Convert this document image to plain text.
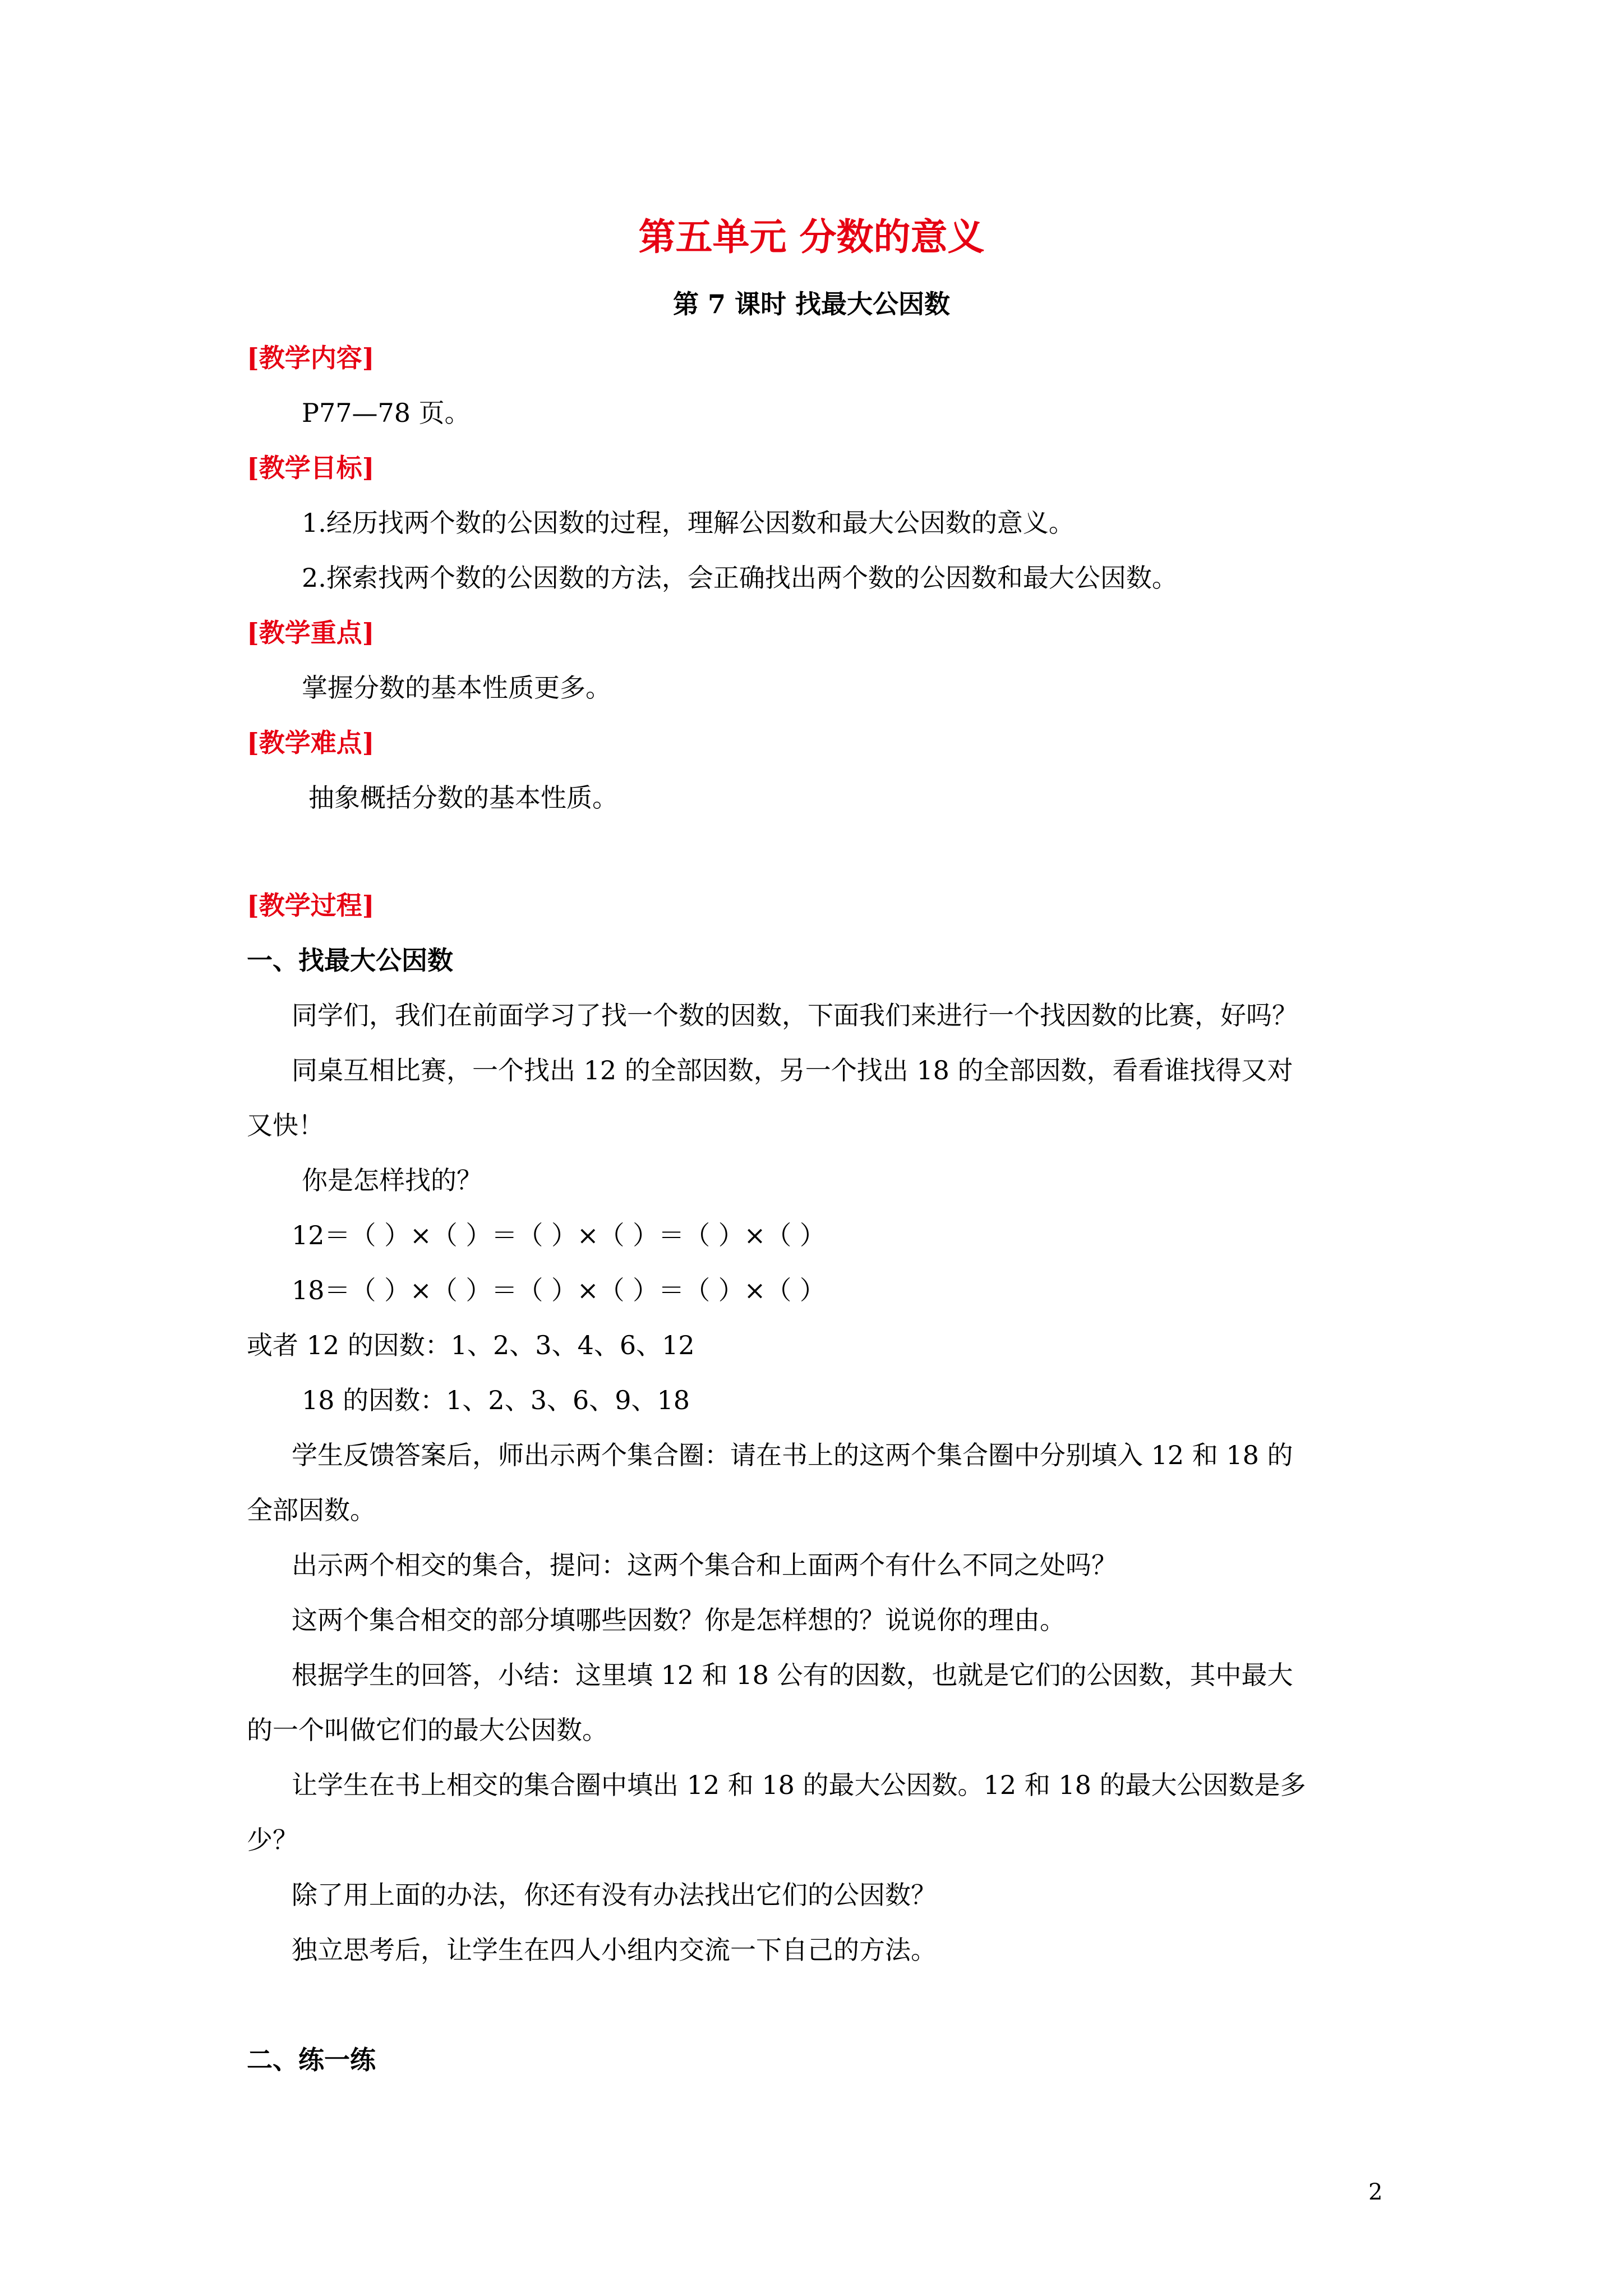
第五单元 分数的意义
第 7 课时 找最大公因数
[教学内容]
P77—78 页。
[教学目标]
1.经历找两个数的公因数的过程，理解公因数和最大公因数的意义。
2.探索找两个数的公因数的方法，会正确找出两个数的公因数和最大公因数。
[教学重点]
掌握分数的基本性质更多。
[教学难点]
抽象概括分数的基本性质。
[教学过程]
一、找最大公因数
同学们，我们在前面学习了找一个数的因数，下面我们来进行一个找因数的比赛，好吗？
同桌互相比赛，一个找出 12 的全部因数，另一个找出 18 的全部因数，看看谁找得又对
又快！
你是怎样找的？
12＝（ ）×（ ）＝（ ）×（ ）＝（ ）×（ ）
18＝（ ）×（ ）＝（ ）×（ ）＝（ ）×（ ）
或者 12 的因数：1、2、3、4、6、12
18 的因数：1、2、3、6、9、18
学生反馈答案后，师出示两个集合圈：请在书上的这两个集合圈中分别填入 12 和 18 的
全部因数。
出示两个相交的集合，提问：这两个集合和上面两个有什么不同之处吗？
这两个集合相交的部分填哪些因数？你是怎样想的？说说你的理由。
根据学生的回答，小结：这里填 12 和 18 公有的因数，也就是它们的公因数，其中最大
的一个叫做它们的最大公因数。
让学生在书上相交的集合圈中填出 12 和 18 的最大公因数。12 和 18 的最大公因数是多
少？
除了用上面的办法，你还有没有办法找出它们的公因数？
独立思考后，让学生在四人小组内交流一下自己的方法。
二、练一练
2
